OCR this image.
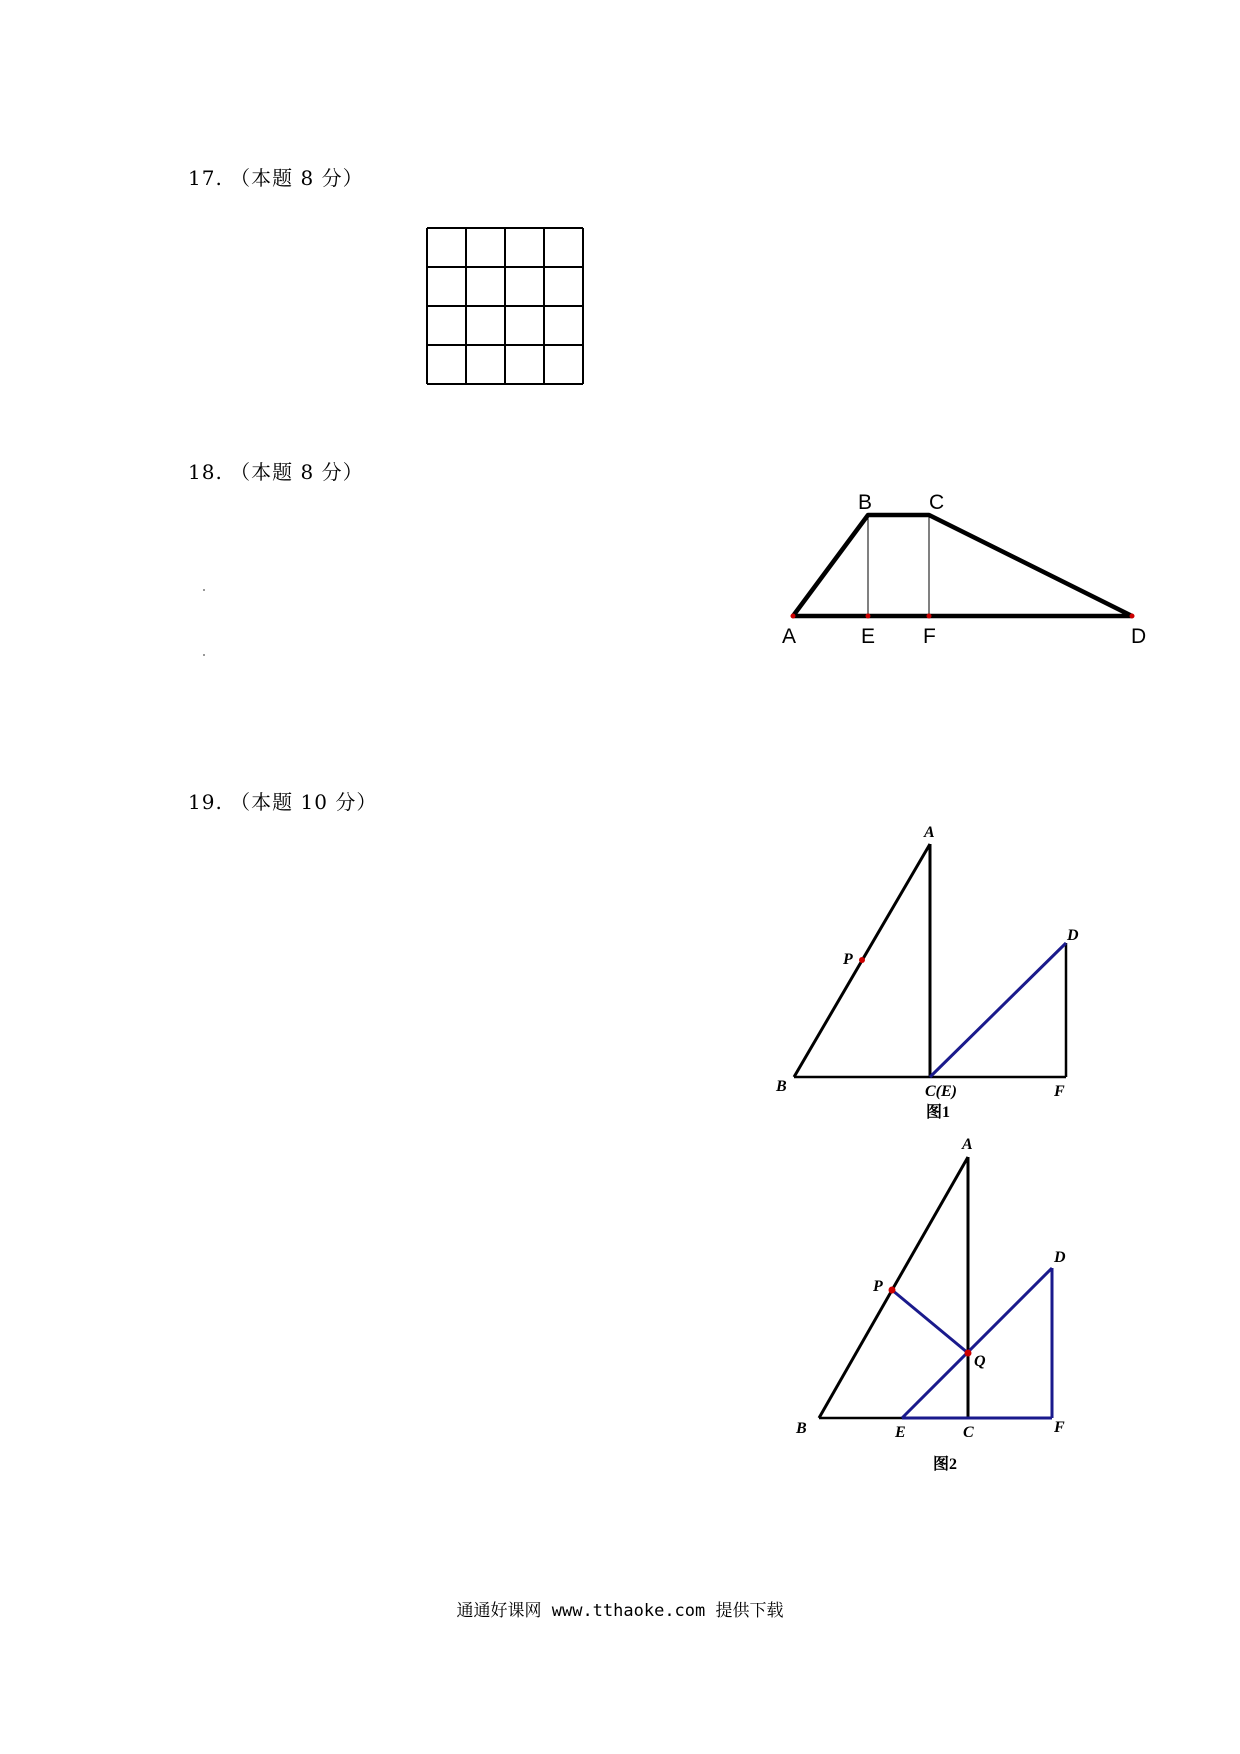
17. （本题 8 分）
18. （本题 8 分）
19. （本题 10 分）
B	C
A	E F	D
A
P
D
B	C(E)	F
图1
A
P
D
Q
B	E	C	F
图2
通通好课网 www.tthaoke.com 提供下载
